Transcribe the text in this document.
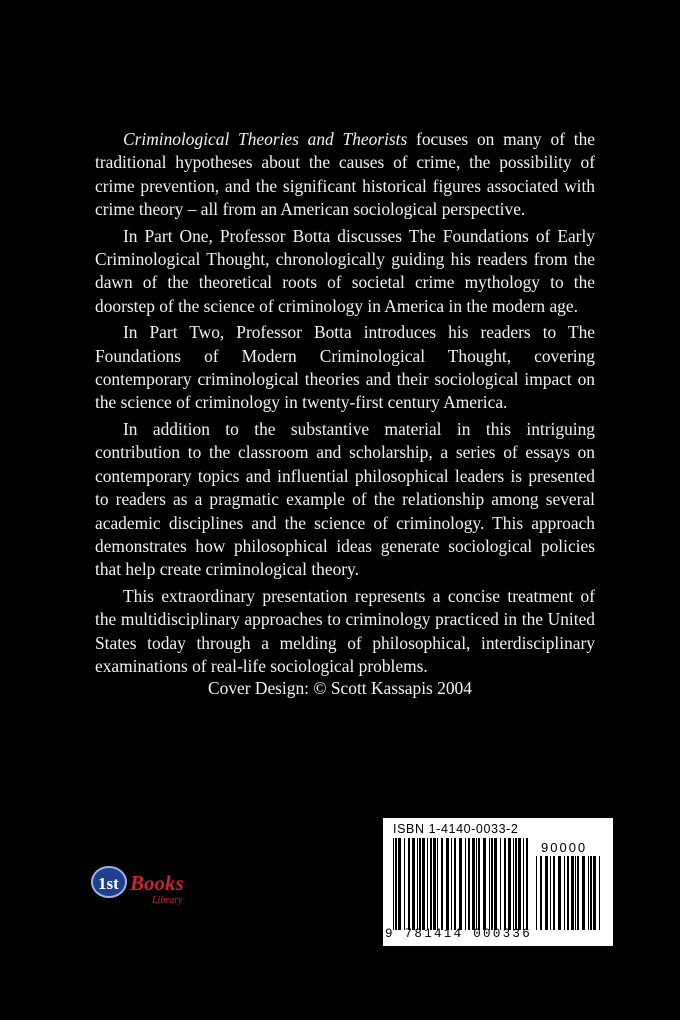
Criminological Theories and Theorists focuses on many of the traditional hypotheses about the causes of crime, the possibility of crime prevention, and the significant historical figures associated with crime theory – all from an American sociological perspective.

In Part One, Professor Botta discusses The Foundations of Early Criminological Thought, chronologically guiding his readers from the dawn of the theoretical roots of societal crime mythology to the doorstep of the science of criminology in America in the modern age.

In Part Two, Professor Botta introduces his readers to The Foundations of Modern Criminological Thought, covering contemporary criminological theories and their sociological impact on the science of criminology in twenty-first century America.

In addition to the substantive material in this intriguing contribution to the classroom and scholarship, a series of essays on contemporary topics and influential philosophical leaders is presented to readers as a pragmatic example of the relationship among several academic disciplines and the science of criminology. This approach demonstrates how philosophical ideas generate sociological policies that help create criminological theory.

This extraordinary presentation represents a concise treatment of the multidisciplinary approaches to criminology practiced in the United States today through a melding of philosophical, interdisciplinary examinations of real-life sociological problems.

Cover Design: © Scott Kassapis 2004
1st Books
Library
ISBN 1-4140-0033-2
90000
9 781414 000336
